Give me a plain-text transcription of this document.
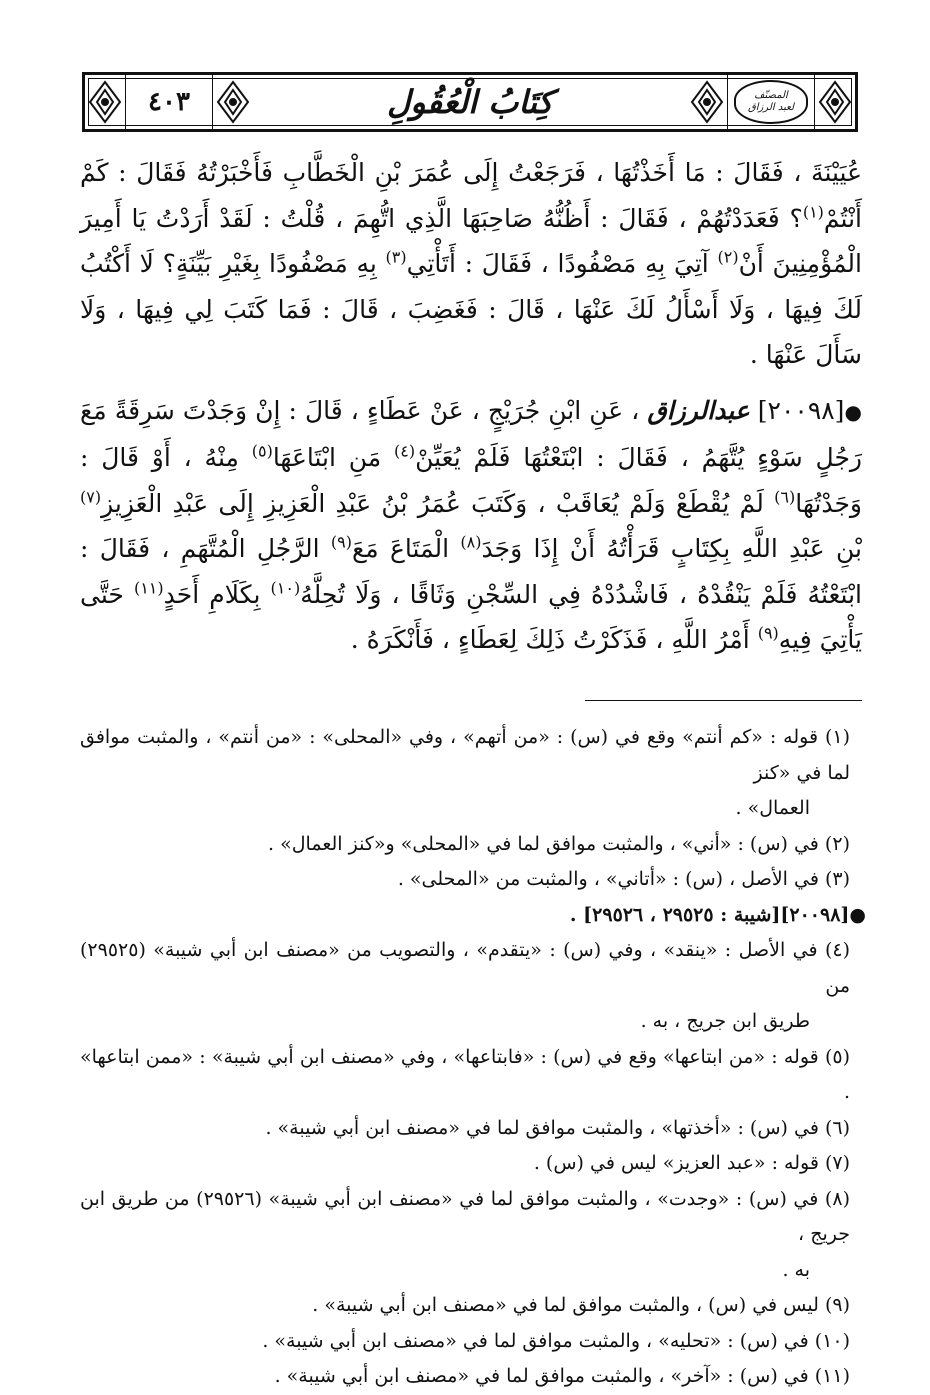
٤٠٣	كِتَابُ الْعُقُولِ	المصنّف
لعبد الرزاق

عُيَيْنَةَ ، فَقَالَ : مَا أَخَذْتُهَا ، فَرَجَعْتُ إِلَى عُمَرَ بْنِ الْخَطَّابِ فَأَخْبَرْتُهُ فَقَالَ : كَمْ أَنْتُمْ$^{(١)}$؟ فَعَدَدْتُهُمْ ، فَقَالَ : أَظُنُّهُ صَاحِبَهَا الَّذِي اتُّهِمَ ، قُلْتُ : لَقَدْ أَرَدْتُ يَا أَمِيرَ الْمُؤْمِنِينَ أَنْ$^{(٢)}$ آتِيَ بِهِ مَصْفُودًا ، فَقَالَ : أَتَأْتِي$^{(٣)}$ بِهِ مَصْفُودًا بِغَيْرِ بَيِّنَةٍ؟ لَا أَكْتُبُ لَكَ فِيهَا ، وَلَا أَسْأَلُ لَكَ عَنْهَا ، قَالَ : فَغَضِبَ ، قَالَ : فَمَا كَتَبَ لِي فِيهَا ، وَلَا سَأَلَ عَنْهَا .

●[٢٠٠٩٨] عبدالرزاق ، عَنِ ابْنِ جُرَيْجٍ ، عَنْ عَطَاءٍ ، قَالَ : إِنْ وَجَدْتَ سَرِقَةً مَعَ رَجُلٍ سَوْءٍ يُتَّهَمُ ، فَقَالَ : ابْتَعْتُهَا فَلَمْ يُعَيِّنْ$^{(٤)}$ مَنِ ابْتَاعَهَا$^{(٥)}$ مِنْهُ ، أَوْ قَالَ : وَجَدْتُهَا$^{(٦)}$ لَمْ يُقْطَعْ وَلَمْ يُعَاقَبْ ، وَكَتَبَ عُمَرُ بْنُ عَبْدِ الْعَزِيزِ إِلَى عَبْدِ الْعَزِيزِ$^{(٧)}$ بْنِ عَبْدِ اللَّهِ بِكِتَابٍ قَرَأْتُهُ أَنْ إِذَا وَجَدَ$^{(٨)}$ الْمَتَاعَ مَعَ$^{(٩)}$ الرَّجُلِ الْمُتَّهَمِ ، فَقَالَ : ابْتَعْتُهُ فَلَمْ يَنْقُدْهُ ، فَاشْدُدْهُ فِي السِّجْنِ وَثَاقًا ، وَلَا تُحِلَّهُ$^{(١٠)}$ بِكَلَامِ أَحَدٍ$^{(١١)}$ حَتَّى يَأْتِيَ فِيهِ$^{(٩)}$ أَمْرُ اللَّهِ ، فَذَكَرْتُ ذَلِكَ لِعَطَاءٍ ، فَأَنْكَرَهُ .

(١) قوله : «كم أنتم» وقع في (س) : «من أتهم» ، وفي «المحلى» : «من أنتم» ، والمثبت موافق لما في «كنز

العمال» .

(٢) في (س) : «أني» ، والمثبت موافق لما في «المحلى» و«كنز العمال» .

(٣) في الأصل ، (س) : «أتاني» ، والمثبت من «المحلى» .

●[٢٠٠٩٨][شيبة : ٢٩٥٢٥ ، ٢٩٥٢٦] .

(٤) في الأصل : «ينقد» ، وفي (س) : «يتقدم» ، والتصويب من «مصنف ابن أبي شيبة» (٢٩٥٢٥) من

طريق ابن جريج ، به .

(٥) قوله : «من ابتاعها» وقع في (س) : «فابتاعها» ، وفي «مصنف ابن أبي شيبة» : «ممن ابتاعها» .

(٦) في (س) : «أخذتها» ، والمثبت موافق لما في «مصنف ابن أبي شيبة» .

(٧) قوله : «عبد العزيز» ليس في (س) .

(٨) في (س) : «وجدت» ، والمثبت موافق لما في «مصنف ابن أبي شيبة» (٢٩٥٢٦) من طريق ابن جريج ،

به .

(٩) ليس في (س) ، والمثبت موافق لما في «مصنف ابن أبي شيبة» .

(١٠) في (س) : «تحليه» ، والمثبت موافق لما في «مصنف ابن أبي شيبة» .

(١١) في (س) : «آخر» ، والمثبت موافق لما في «مصنف ابن أبي شيبة» .
